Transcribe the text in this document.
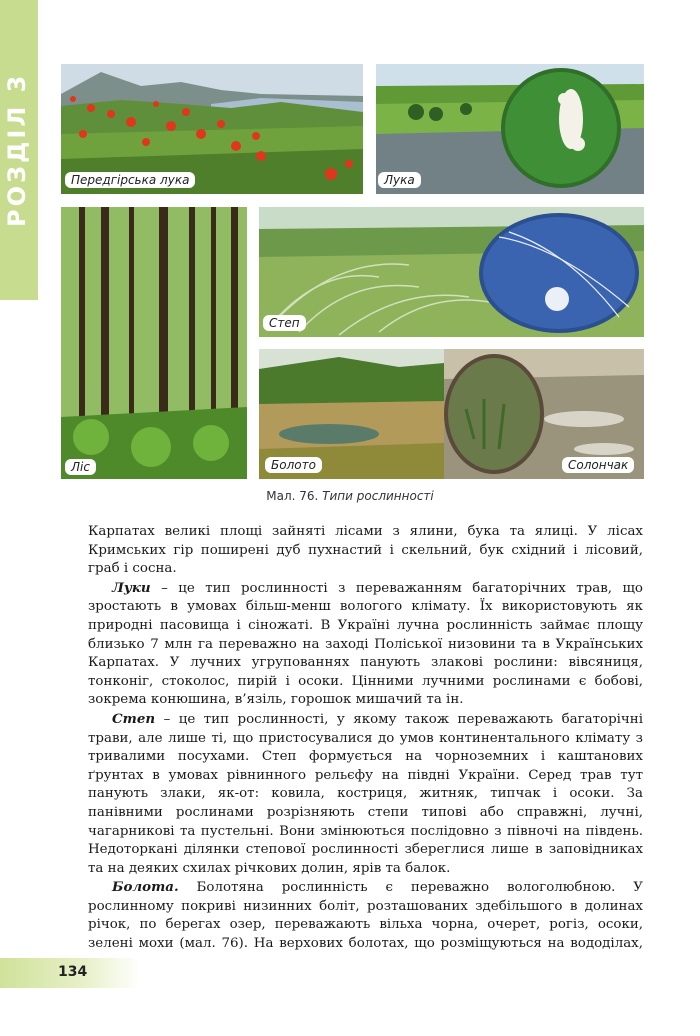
РОЗДІЛ 3	Передгірська лука	Лука
Ліс
Степ
Болото	Солончак
Мал. 76. Типи рослинності

Карпатах великі площі зайняті лісами з ялини, бука та ялиці. У лісах Кримських гір поширені дуб пухнастий і скельний, бук східний і лісовий, граб і сосна.

Луки – це тип рослинності з переважанням багаторічних трав, що зростають в умовах більш-менш вологого клімату. Їх використовують як природні пасовища і сіножаті. В Україні лучна рослинність займає площу близько 7 млн га переважно на заході Поліської низовини та в Українських Карпатах. У лучних угрупованнях панують злакові рослини: вівсяниця, тонконіг, стоколос, пирій і осоки. Цінними лучними рослинами є бобові, зокрема конюшина, в’язіль, горошок мишачий та ін.

Степ – це тип рослинності, у якому також переважають багаторічні трави, але лише ті, що пристосувалися до умов континентального клімату з тривалими посухами. Степ формується на чорноземних і каштанових ґрунтах в умовах рівнинного рельєфу на півдні України. Серед трав тут панують злаки, як-от: ковила, костриця, житняк, типчак і осоки. За панівними рослинами розрізняють степи типові або справжні, лучні, чагарникові та пустельні. Вони змінюються послідовно з півночі на південь. Недоторкані ділянки степової рослинності збереглися лише в заповідниках та на деяких схилах річкових долин, ярів та балок.

Болота. Болотяна рослинність є переважно вологолюбною. У рослинному покриві низинних боліт, розташованих здебільшого в долинах річок, по берегах озер, переважають вільха чорна, очерет, рогіз, осоки, зелені мохи (мал. 76). На верхових болотах, що розміщуються на вододілах,

134
